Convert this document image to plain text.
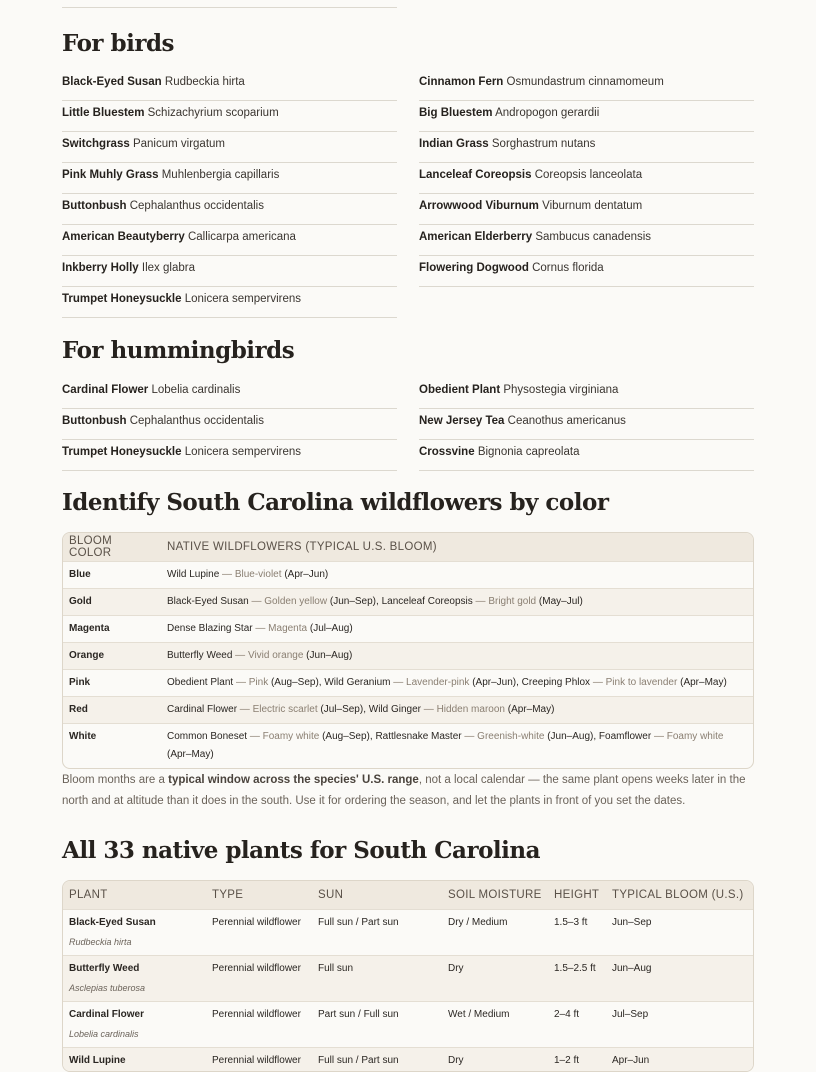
For birds
Black-Eyed Susan Rudbeckia hirta
Little Bluestem Schizachyrium scoparium
Switchgrass Panicum virgatum
Pink Muhly Grass Muhlenbergia capillaris
Buttonbush Cephalanthus occidentalis
American Beautyberry Callicarpa americana
Inkberry Holly Ilex glabra
Trumpet Honeysuckle Lonicera sempervirens
Cinnamon Fern Osmundastrum cinnamomeum
Big Bluestem Andropogon gerardii
Indian Grass Sorghastrum nutans
Lanceleaf Coreopsis Coreopsis lanceolata
Arrowwood Viburnum Viburnum dentatum
American Elderberry Sambucus canadensis
Flowering Dogwood Cornus florida
For hummingbirds
Cardinal Flower Lobelia cardinalis
Buttonbush Cephalanthus occidentalis
Trumpet Honeysuckle Lonicera sempervirens
Obedient Plant Physostegia virginiana
New Jersey Tea Ceanothus americanus
Crossvine Bignonia capreolata
Identify South Carolina wildflowers by color
BLOOM COLOR	NATIVE WILDFLOWERS (TYPICAL U.S. BLOOM)
Blue	Wild Lupine — Blue-violet (Apr–Jun)
Gold	Black-Eyed Susan — Golden yellow (Jun–Sep), Lanceleaf Coreopsis — Bright gold (May–Jul)
Magenta	Dense Blazing Star — Magenta (Jul–Aug)
Orange	Butterfly Weed — Vivid orange (Jun–Aug)
Pink	Obedient Plant — Pink (Aug–Sep), Wild Geranium — Lavender-pink (Apr–Jun), Creeping Phlox — Pink to lavender (Apr–May)
Red	Cardinal Flower — Electric scarlet (Jul–Sep), Wild Ginger — Hidden maroon (Apr–May)
White	Common Boneset — Foamy white (Aug–Sep), Rattlesnake Master — Greenish-white (Jun–Aug), Foamflower — Foamy white (Apr–May)

Bloom months are a typical window across the species' U.S. range, not a local calendar — the same plant opens weeks later in the north and at altitude than it does in the south. Use it for ordering the season, and let the plants in front of you set the dates.

All 33 native plants for South Carolina
PLANT	TYPE	SUN	SOIL MOISTURE	HEIGHT	TYPICAL BLOOM (U.S.)
Black-Eyed Susan
Rudbeckia hirta	Perennial wildflower	Full sun / Part sun	Dry / Medium	1.5–3 ft	Jun–Sep
Butterfly Weed
Asclepias tuberosa	Perennial wildflower	Full sun	Dry	1.5–2.5 ft	Jun–Aug
Cardinal Flower
Lobelia cardinalis	Perennial wildflower	Part sun / Full sun	Wet / Medium	2–4 ft	Jul–Sep
Wild Lupine	Perennial wildflower	Full sun / Part sun	Dry	1–2 ft	Apr–Jun
